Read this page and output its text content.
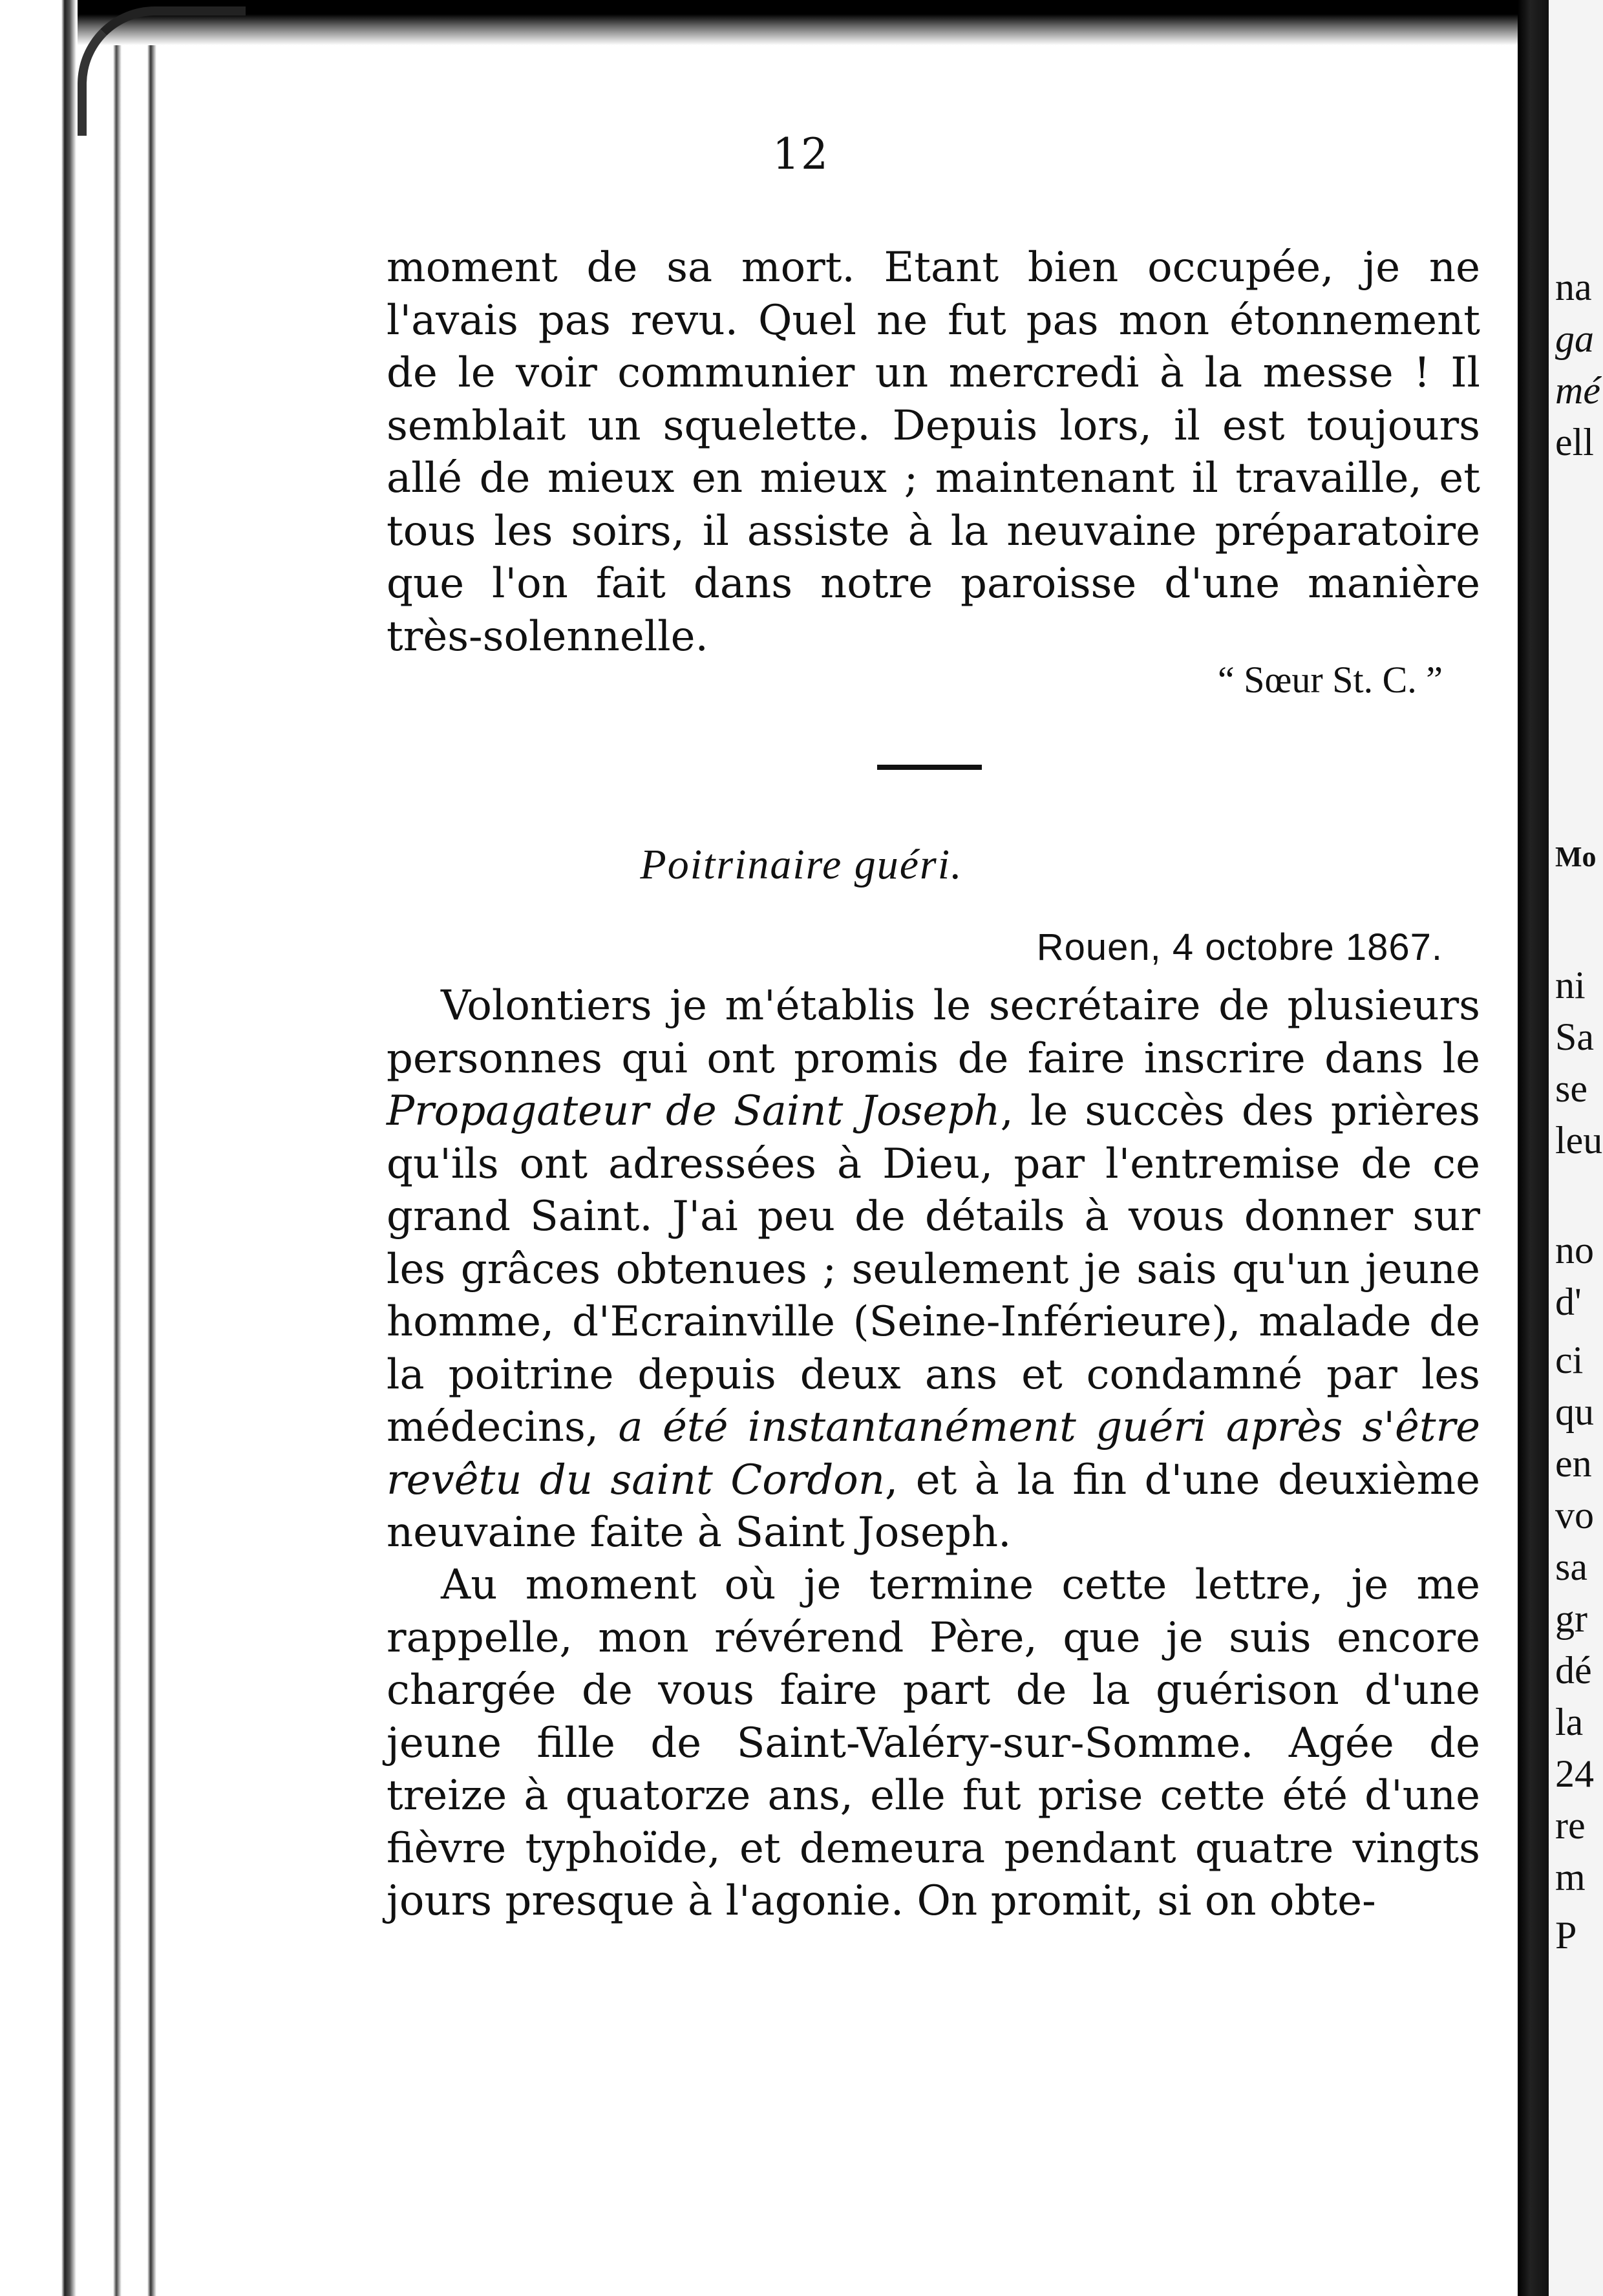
na
ga
mé
ell
Mo
ni
Sa
se
leu
no
d'
ci
qu
en
vo
sa
gr
dé
la
24
re
m
P
12

moment de sa mort. Etant bien occupée, je ne l'avais pas revu. Quel ne fut pas mon étonnement de le voir communier un mercredi à la messe ! Il semblait un squelette. Depuis lors, il est toujours allé de mieux en mieux ; maintenant il travaille, et tous les soirs, il assiste à la neuvaine préparatoire que l'on fait dans notre paroisse d'une manière très-solennelle.

“ Sœur St. C. ”
Poitrinaire guéri.
Rouen, 4 octobre 1867.

Volontiers je m'établis le secrétaire de plusieurs personnes qui ont promis de faire inscrire dans le Propagateur de Saint Joseph, le succès des prières qu'ils ont adressées à Dieu, par l'entremise de ce grand Saint. J'ai peu de détails à vous donner sur les grâces obtenues ; seulement je sais qu'un jeune homme, d'Ecrainville (Seine-Inférieure), malade de la poitrine depuis deux ans et condamné par les médecins, a été instantanément guéri après s'être revêtu du saint Cordon, et à la fin d'une deuxième neuvaine faite à Saint Joseph.

Au moment où je termine cette lettre, je me rappelle, mon révérend Père, que je suis encore chargée de vous faire part de la guérison d'une jeune fille de Saint-Valéry-sur-Somme. Agée de treize à quatorze ans, elle fut prise cette été d'une fièvre typhoïde, et demeura pendant quatre vingts jours presque à l'agonie. On promit, si on obte-
